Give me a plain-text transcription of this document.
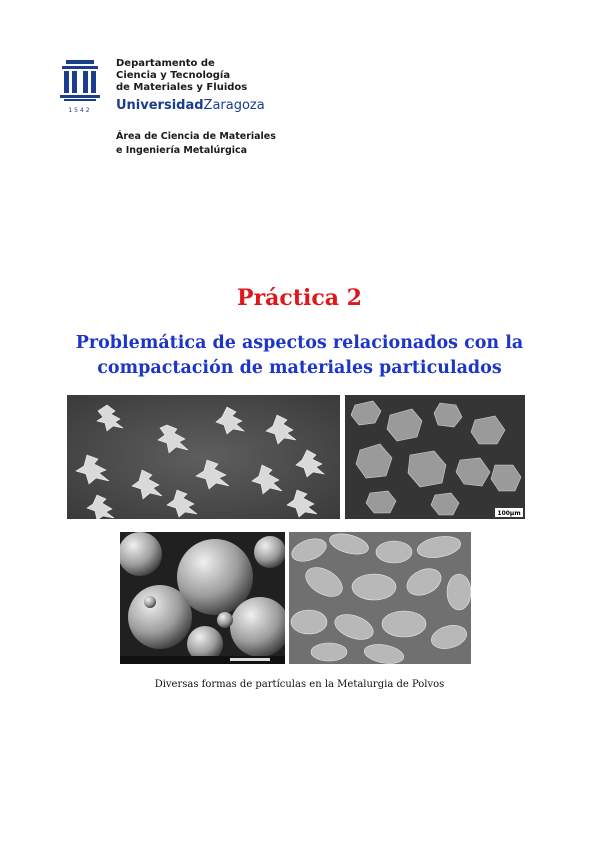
1542
Departamento de
Ciencia y Tecnología
de Materiales y Fluidos
UniversidadZaragoza
Área de Ciencia de Materiales
e Ingeniería Metalúrgica
Práctica 2
Problemática de aspectos relacionados con la
compactación de materiales particulados
100μm
Diversas formas de partículas en la Metalurgia de Polvos
